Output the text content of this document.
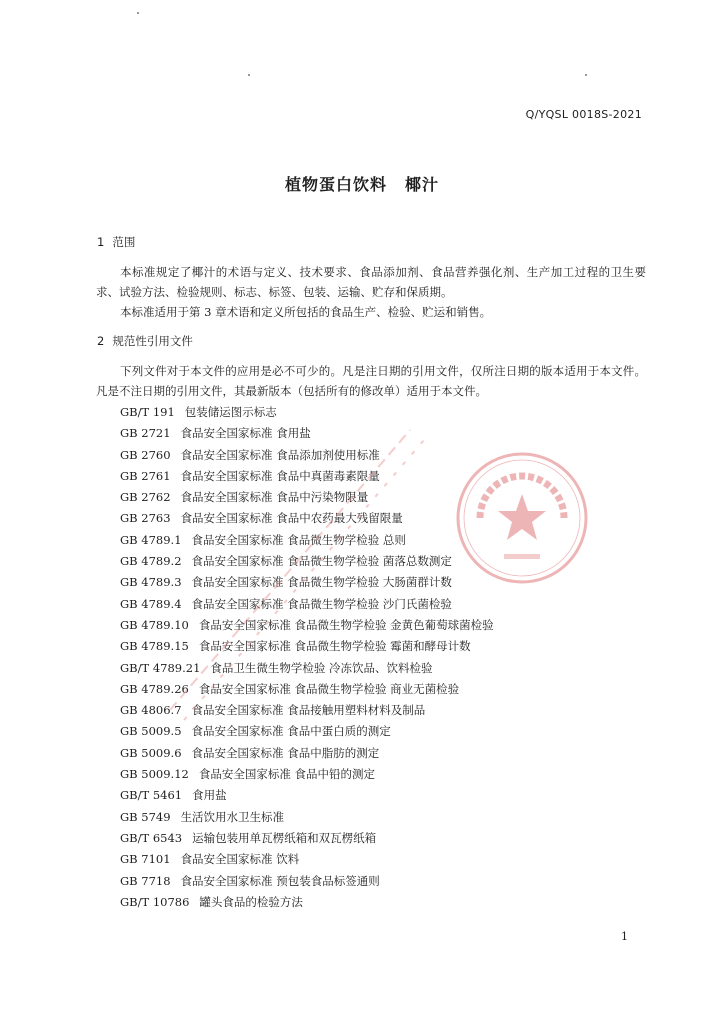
Q/YQSL 0018S-2021
植物蛋白饮料 椰汁
1 范围
本标准规定了椰汁的术语与定义、技术要求、食品添加剂、食品营养强化剂、生产加工过程的卫生要求、试验方法、检验规则、标志、标签、包装、运输、贮存和保质期。
本标准适用于第 3 章术语和定义所包括的食品生产、检验、贮运和销售。
2 规范性引用文件
下列文件对于本文件的应用是必不可少的。凡是注日期的引用文件，仅所注日期的版本适用于本文件。凡是不注日期的引用文件，其最新版本（包括所有的修改单）适用于本文件。
GB/T 191 包装储运图示标志
GB 2721 食品安全国家标准 食用盐
GB 2760 食品安全国家标准 食品添加剂使用标准
GB 2761 食品安全国家标准 食品中真菌毒素限量
GB 2762 食品安全国家标准 食品中污染物限量
GB 2763 食品安全国家标准 食品中农药最大残留限量
GB 4789.1 食品安全国家标准 食品微生物学检验 总则
GB 4789.2 食品安全国家标准 食品微生物学检验 菌落总数测定
GB 4789.3 食品安全国家标准 食品微生物学检验 大肠菌群计数
GB 4789.4 食品安全国家标准 食品微生物学检验 沙门氏菌检验
GB 4789.10 食品安全国家标准 食品微生物学检验 金黄色葡萄球菌检验
GB 4789.15 食品安全国家标准 食品微生物学检验 霉菌和酵母计数
GB/T 4789.21 食品卫生微生物学检验 冷冻饮品、饮料检验
GB 4789.26 食品安全国家标准 食品微生物学检验 商业无菌检验
GB 4806.7 食品安全国家标准 食品接触用塑料材料及制品
GB 5009.5 食品安全国家标准 食品中蛋白质的测定
GB 5009.6 食品安全国家标准 食品中脂肪的测定
GB 5009.12 食品安全国家标准 食品中铅的测定
GB/T 5461 食用盐
GB 5749 生活饮用水卫生标准
GB/T 6543 运输包装用单瓦楞纸箱和双瓦楞纸箱
GB 7101 食品安全国家标准 饮料
GB 7718 食品安全国家标准 预包装食品标签通则
GB/T 10786 罐头食品的检验方法
1
